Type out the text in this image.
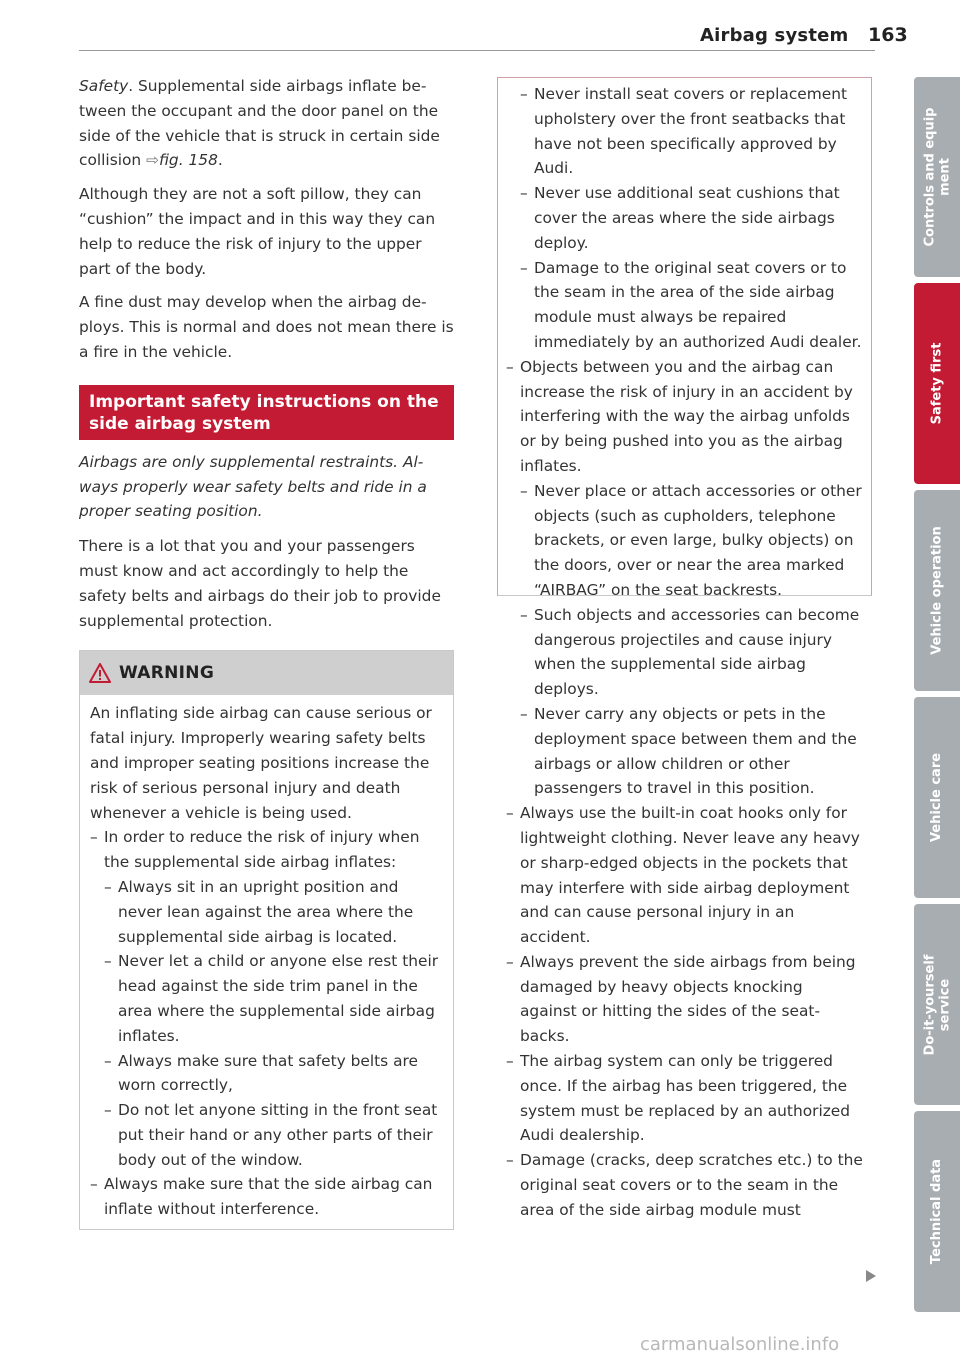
Airbag system 163

Safety. Supplemental side airbags inflate between the occupant and the door panel on the side of the vehicle that is struck in certain side collision ⇨fig. 158.

Although they are not a soft pillow, they can “cushion” the impact and in this way they can help to reduce the risk of injury to the upper part of the body.

A fine dust may develop when the airbag deploys. This is normal and does not mean there is a fire in the vehicle.

Important safety instructions on the
side airbag system

Airbags are only supplemental restraints. Always properly wear safety belts and ride in a proper seating position.

There is a lot that you and your passengers must know and act accordingly to help the safety belts and airbags do their job to provide supplemental protection.

WARNING

An inflating side airbag can cause serious or fatal injury. Improperly wearing safety belts and improper seating positions increase the risk of serious personal injury and death whenever a vehicle is being used.

– In order to reduce the risk of injury when the supplemental side airbag inflates:

– Always sit in an upright position and never lean against the area where the supplemental side airbag is located.

– Never let a child or anyone else rest their head against the side trim panel in the area where the supplemental side airbag inflates.

– Always make sure that safety belts are worn correctly,

– Do not let anyone sitting in the front seat put their hand or any other parts of their body out of the window.

– Always make sure that the side airbag can inflate without interference.

– Never install seat covers or replacement upholstery over the front seatbacks that have not been specifically approved by Audi.

– Never use additional seat cushions that cover the areas where the side airbags deploy.

– Damage to the original seat covers or to the seam in the area of the side airbag module must always be repaired immediately by an authorized Audi dealer.

– Objects between you and the airbag can increase the risk of injury in an accident by interfering with the way the airbag unfolds or by being pushed into you as the airbag inflates.

– Never place or attach accessories or other objects (such as cupholders, telephone brackets, or even large, bulky objects) on the doors, over or near the area marked “AIRBAG” on the seat backrests.

– Such objects and accessories can become dangerous projectiles and cause injury when the supplemental side airbag deploys.

– Never carry any objects or pets in the deployment space between them and the airbags or allow children or other passengers to travel in this position.

– Always use the built-in coat hooks only for lightweight clothing. Never leave any heavy or sharp-edged objects in the pockets that may interfere with side airbag deployment and can cause personal injury in an accident.

– Always prevent the side airbags from being damaged by heavy objects knocking against or hitting the sides of the seatbacks.

– The airbag system can only be triggered once. If the airbag has been triggered, the system must be replaced by an authorized Audi dealership.

– Damage (cracks, deep scratches etc.) to the original seat covers or to the seam in the area of the side airbag module must

Controls and equip
ment
Safety first
Vehicle operation
Vehicle care
Do-it-yourself
service
Technical data
carmanualsonline.info
